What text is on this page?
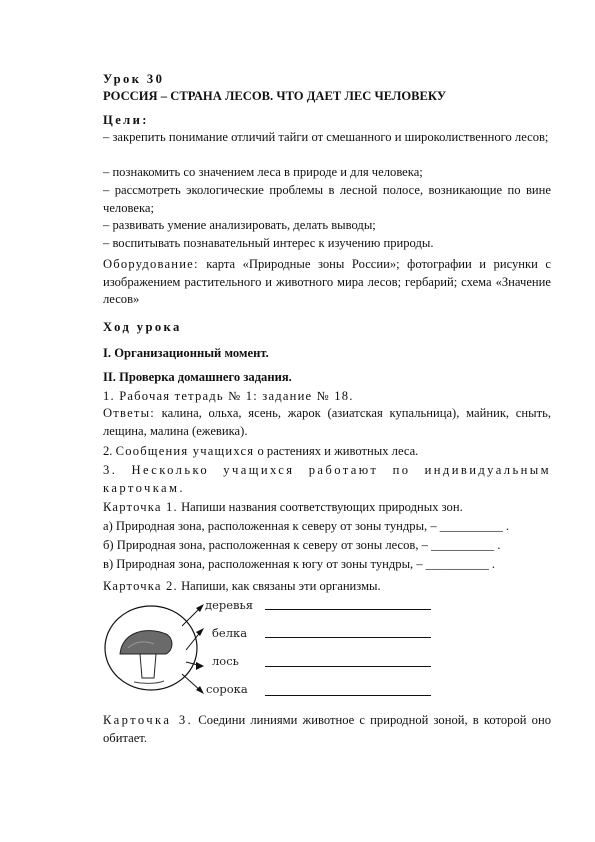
Урок 30
РОССИЯ – СТРАНА ЛЕСОВ. ЧТО ДАЕТ ЛЕС ЧЕЛОВЕКУ
Цели:
– закрепить понимание отличий тайги от смешанного и широколиственного лесов;
– познакомить со значением леса в природе и для человека;
– рассмотреть экологические проблемы в лесной полосе, возникающие по вине человека;
– развивать умение анализировать, делать выводы;
– воспитывать познавательный интерес к изучению природы.
Оборудование: карта «Природные зоны России»; фотографии и рисунки с изображением растительного и животного мира лесов; гербарий; схема «Значение лесов»
Ход урока
I. Организационный момент.
II. Проверка домашнего задания.
1. Рабочая тетрадь № 1: задание № 18.
Ответы: калина, ольха, ясень, жарок (азиатская купальница), майник, сныть, лещина, малина (ежевика).
2. Сообщения учащихся о растениях и животных леса.
3. Несколько учащихся работают по индивидуальным карточкам.
Карточка 1. Напиши названия соответствующих природных зон.
а) Природная зона, расположенная к северу от зоны тундры, – __________ .
б) Природная зона, расположенная к северу от зоны лесов, – __________ .
в) Природная зона, расположенная к югу от зоны тундры, – __________ .
Карточка 2. Напиши, как связаны эти организмы.
деревья
белка
лось
сорока
Карточка 3. Соедини линиями животное с природной зоной, в которой оно обитает.
